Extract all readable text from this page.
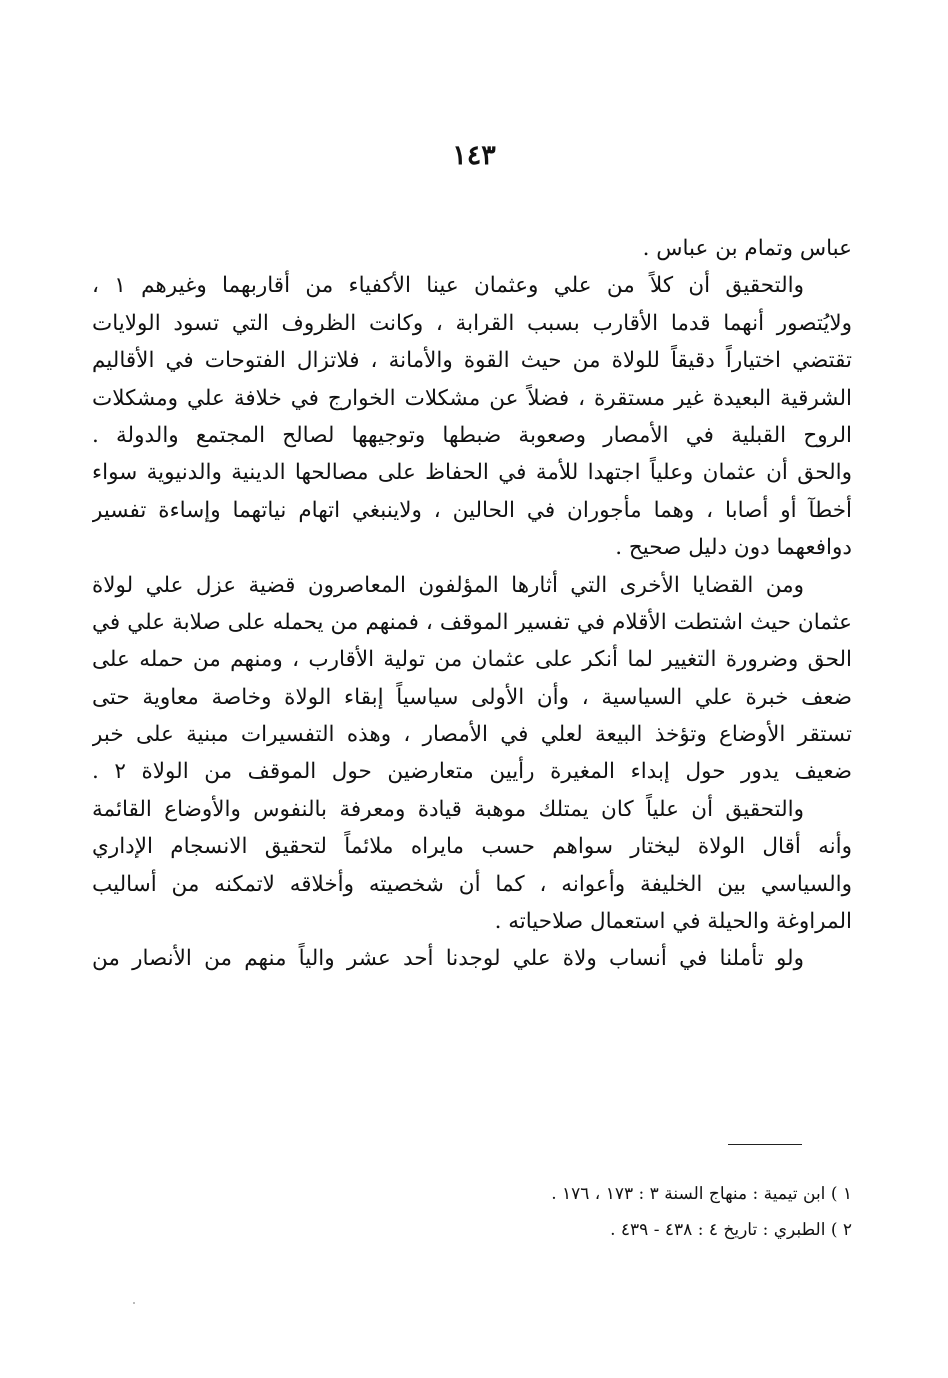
١٤٣
عباس وتمام بن عباس .
والتحقيق أن كلاً من علي وعثمان عينا الأكفياء من أقاربهما وغيرهم ١ ،
ولايُتصور أنهما قدما الأقارب بسبب القرابة ، وكانت الظروف التي تسود الولايات
تقتضي اختياراً دقيقاً للولاة من حيث القوة والأمانة ، فلاتزال الفتوحات في الأقاليم
الشرقية البعيدة غير مستقرة ، فضلاً عن مشكلات الخوارج في خلافة علي ومشكلات
الروح القبلية في الأمصار وصعوبة ضبطها وتوجيهها لصالح المجتمع والدولة .
والحق أن عثمان وعلياً اجتهدا للأمة في الحفاظ على مصالحها الدينية والدنيوية سواء
أخطآ أو أصابا ، وهما مأجوران في الحالين ، ولاينبغي اتهام نياتهما وإساءة تفسير
دوافعهما دون دليل صحيح .
ومن القضايا الأخرى التي أثارها المؤلفون المعاصرون قضية عزل علي لولاة
عثمان حيث اشتطت الأقلام في تفسير الموقف ، فمنهم من يحمله على صلابة علي في
الحق وضرورة التغيير لما أنكر على عثمان من تولية الأقارب ، ومنهم من حمله على
ضعف خبرة علي السياسية ، وأن الأولى سياسياً إبقاء الولاة وخاصة معاوية حتى
تستقر الأوضاع وتؤخذ البيعة لعلي في الأمصار ، وهذه التفسيرات مبنية على خبر
ضعيف يدور حول إبداء المغيرة رأيين متعارضين حول الموقف من الولاة ٢ .
والتحقيق أن علياً كان يمتلك موهبة قيادة ومعرفة بالنفوس والأوضاع القائمة
وأنه أقال الولاة ليختار سواهم حسب مايراه ملائماً لتحقيق الانسجام الإداري
والسياسي بين الخليفة وأعوانه ، كما أن شخصيته وأخلاقه لاتمكنه من أساليب
المراوغة والحيلة في استعمال صلاحياته .
ولو تأملنا في أنساب ولاة علي لوجدنا أحد عشر والياً منهم من الأنصار من
١ ) ابن تيمية : منهاج السنة ٣ : ١٧٣ ، ١٧٦ .
٢ ) الطبري : تاريخ ٤ : ٤٣٨ - ٤٣٩ .
